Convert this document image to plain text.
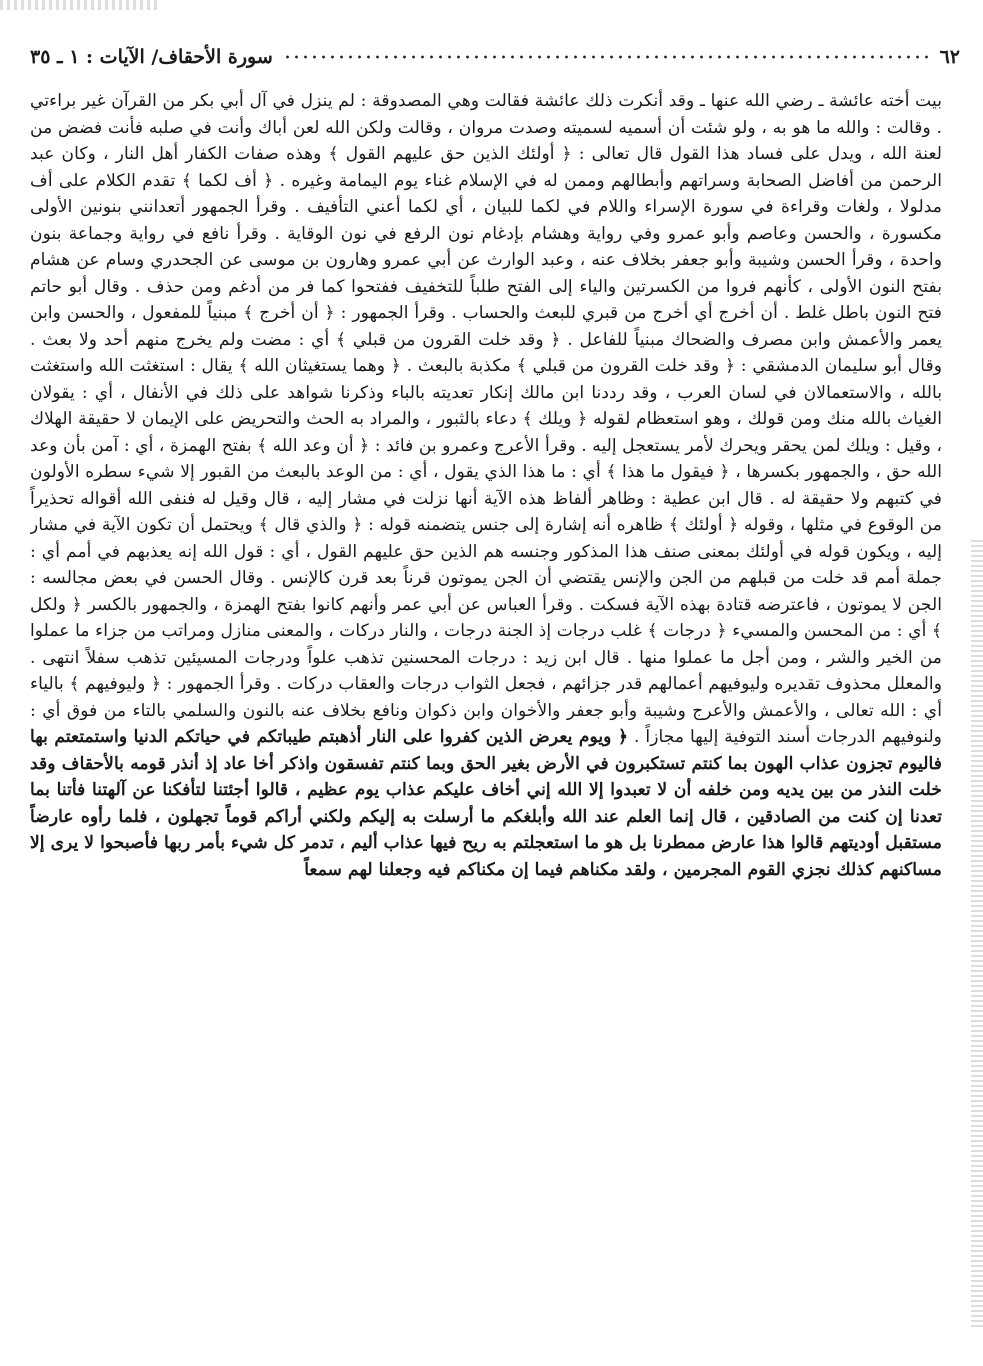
٦٢
سورة الأحقاف/ الآيات : ١ ـ ٣٥

بيت أخته عائشة ـ رضي الله عنها ـ وقد أنكرت ذلك عائشة فقالت وهي المصدوقة : لم ينزل في آل أبي بكر من القرآن غير براءتي . وقالت : والله ما هو به ، ولو شئت أن أسميه لسميته وصدت مروان ، وقالت ولكن الله لعن أباك وأنت في صلبه فأنت فضض من لعنة الله ، ويدل على فساد هذا القول قال تعالى : ﴿ أولئك الذين حق عليهم القول ﴾ وهذه صفات الكفار أهل النار ، وكان عبد الرحمن من أفاضل الصحابة وسراتهم وأبطالهم وممن له في الإسلام غناء يوم اليمامة وغيره . ﴿ أف لكما ﴾ تقدم الكلام على أف مدلولا ، ولغات وقراءة في سورة الإسراء واللام في لكما للبيان ، أي لكما أعني التأفيف . وقرأ الجمهور أتعدانني بنونين الأولى مكسورة ، والحسن وعاصم وأبو عمرو وفي رواية وهشام بإدغام نون الرفع في نون الوقاية . وقرأ نافع في رواية وجماعة بنون واحدة ، وقرأ الحسن وشيبة وأبو جعفر بخلاف عنه ، وعبد الوارث عن أبي عمرو وهارون بن موسى عن الجحدري وسام عن هشام بفتح النون الأولى ، كأنهم فروا من الكسرتين والياء إلى الفتح طلباً للتخفيف ففتحوا كما فر من أدغم ومن حذف . وقال أبو حاتم فتح النون باطل غلط . أن أخرج أي أخرج من قبري للبعث والحساب . وقرأ الجمهور : ﴿ أن أخرج ﴾ مبنياً للمفعول ، والحسن وابن يعمر والأعمش وابن مصرف والضحاك مبنياً للفاعل . ﴿ وقد خلت القرون من قبلي ﴾ أي : مضت ولم يخرج منهم أحد ولا بعث . وقال أبو سليمان الدمشقي : ﴿ وقد خلت القرون من قبلي ﴾ مكذبة بالبعث . ﴿ وهما يستغيثان الله ﴾ يقال : استغثت الله واستغثت بالله ، والاستعمالان في لسان العرب ، وقد رددنا ابن مالك إنكار تعديته بالباء وذكرنا شواهد على ذلك في الأنفال ، أي : يقولان الغياث بالله منك ومن قولك ، وهو استعظام لقوله ﴿ ويلك ﴾ دعاء بالثبور ، والمراد به الحث والتحريض على الإيمان لا حقيقة الهلاك ، وقيل : ويلك لمن يحقر ويحرك لأمر يستعجل إليه . وقرأ الأعرج وعمرو بن فائد : ﴿ أن وعد الله ﴾ بفتح الهمزة ، أي : آمن بأن وعد الله حق ، والجمهور بكسرها ، ﴿ فيقول ما هذا ﴾ أي : ما هذا الذي يقول ، أي : من الوعد بالبعث من القبور إلا شيء سطره الأولون في كتبهم ولا حقيقة له . قال ابن عطية : وظاهر ألفاظ هذه الآية أنها نزلت في مشار إليه ، قال وقيل له فنفى الله أقواله تحذيراً من الوقوع في مثلها ، وقوله ﴿ أولئك ﴾ ظاهره أنه إشارة إلى جنس يتضمنه قوله : ﴿ والذي قال ﴾ ويحتمل أن تكون الآية في مشار إليه ، ويكون قوله في أولئك بمعنى صنف هذا المذكور وجنسه هم الذين حق عليهم القول ، أي : قول الله إنه يعذبهم في أمم أي : جملة أمم قد خلت من قبلهم من الجن والإنس يقتضي أن الجن يموتون قرناً بعد قرن كالإنس . وقال الحسن في بعض مجالسه : الجن لا يموتون ، فاعترضه قتادة بهذه الآية فسكت . وقرأ العباس عن أبي عمر وأنهم كانوا بفتح الهمزة ، والجمهور بالكسر ﴿ ولكل ﴾ أي : من المحسن والمسيء ﴿ درجات ﴾ غلب درجات إذ الجنة درجات ، والنار دركات ، والمعنى منازل ومراتب من جزاء ما عملوا من الخير والشر ، ومن أجل ما عملوا منها . قال ابن زيد : درجات المحسنين تذهب علواً ودرجات المسيئين تذهب سفلاً انتهى . والمعلل محذوف تقديره وليوفيهم أعمالهم قدر جزائهم ، فجعل الثواب درجات والعقاب دركات . وقرأ الجمهور : ﴿ وليوفيهم ﴾ بالياء أي : الله تعالى ، والأعمش والأعرج وشيبة وأبو جعفر والأخوان وابن ذكوان ونافع بخلاف عنه بالنون والسلمي بالتاء من فوق أي : ولنوفيهم الدرجات أسند التوفية إليها مجازاً . ﴿ ويوم يعرض الذين كفروا على النار أذهبتم طيباتكم في حياتكم الدنيا واستمتعتم بها فاليوم تجزون عذاب الهون بما كنتم تستكبرون في الأرض بغير الحق وبما كنتم تفسقون واذكر أخا عاد إذ أنذر قومه بالأحقاف وقد خلت النذر من بين يديه ومن خلفه أن لا تعبدوا إلا الله إني أخاف عليكم عذاب يوم عظيم ، قالوا أجئتنا لتأفكنا عن آلهتنا فأتنا بما تعدنا إن كنت من الصادقين ، قال إنما العلم عند الله وأبلغكم ما أرسلت به إليكم ولكني أراكم قوماً تجهلون ، فلما رأوه عارضاً مستقبل أوديتهم قالوا هذا عارض ممطرنا بل هو ما استعجلتم به ريح فيها عذاب أليم ، تدمر كل شيء بأمر ربها فأصبحوا لا يرى إلا مساكنهم كذلك نجزي القوم المجرمين ، ولقد مكناهم فيما إن مكناكم فيه وجعلنا لهم سمعاً
